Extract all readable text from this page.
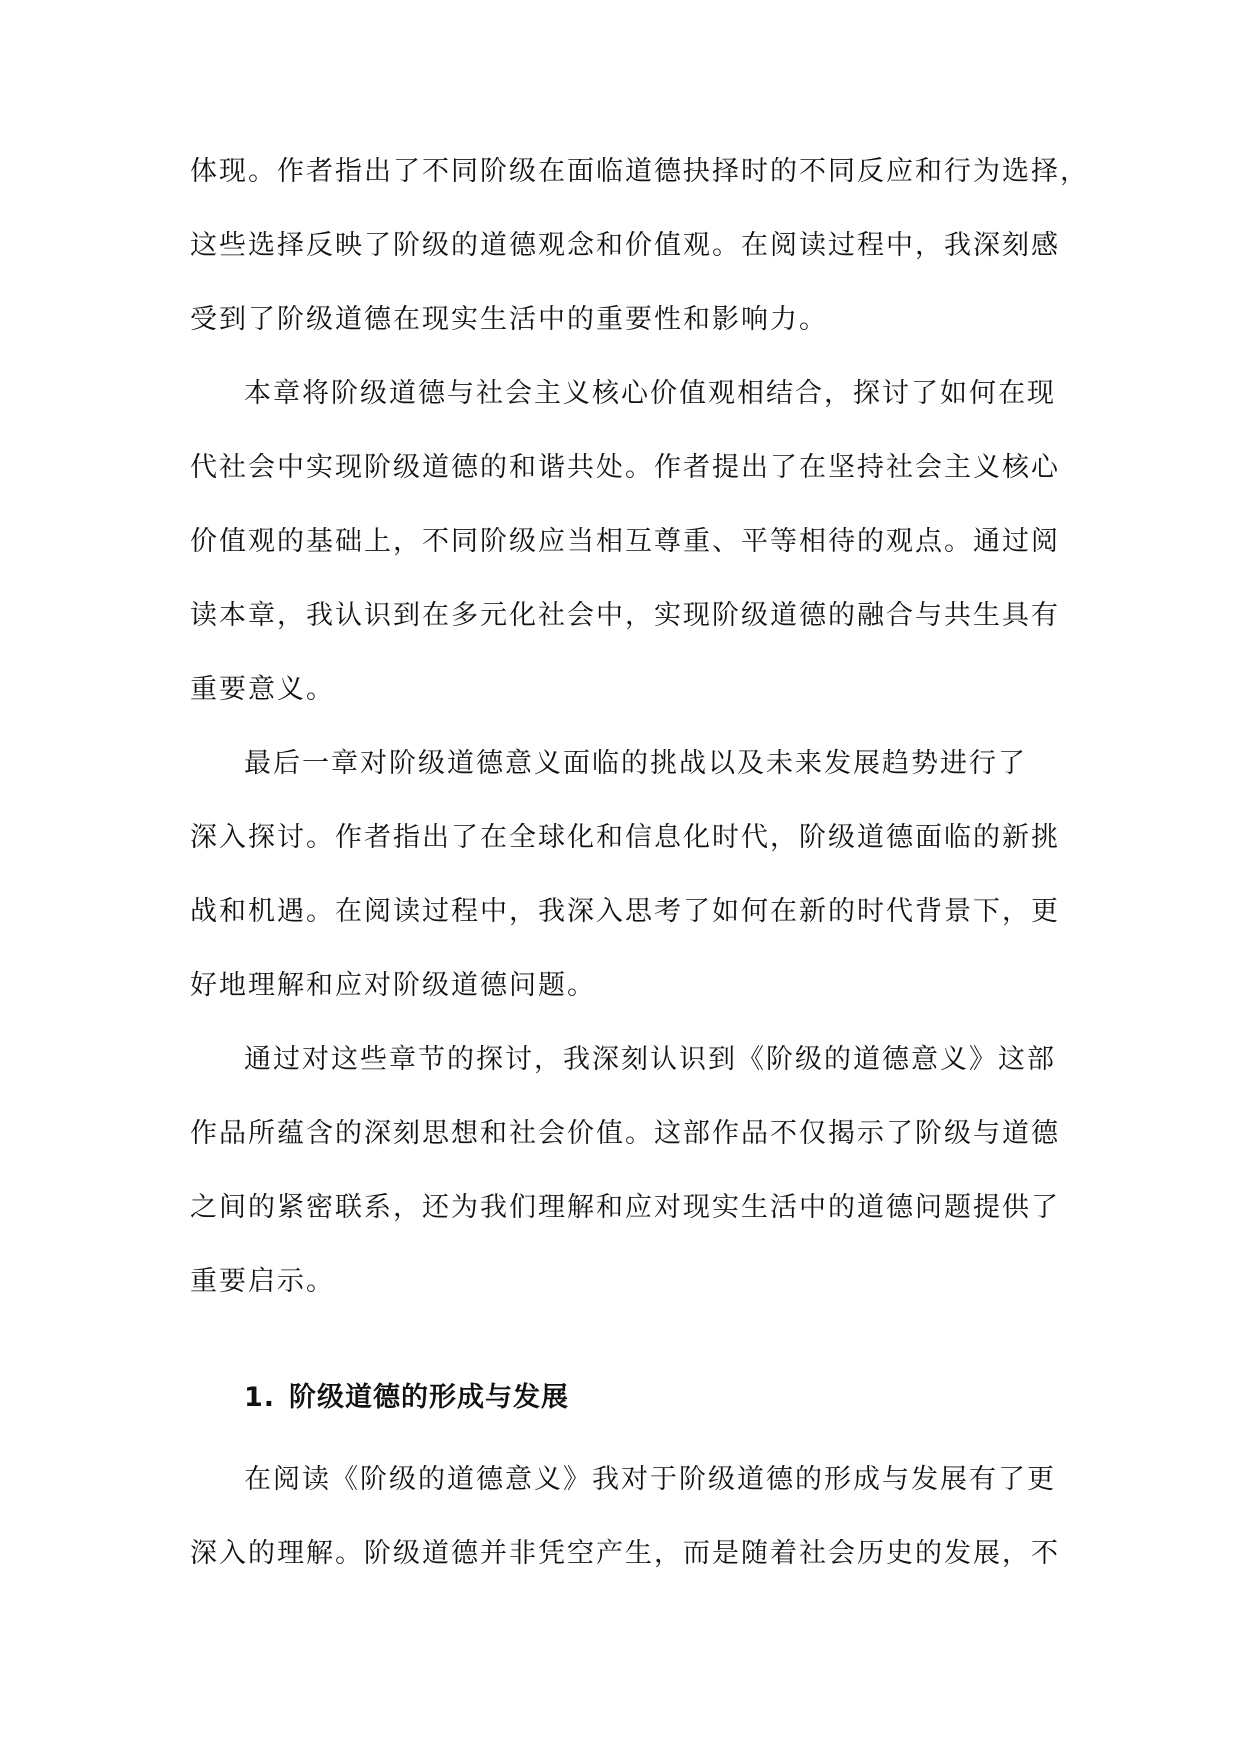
体现。作者指出了不同阶级在面临道德抉择时的不同反应和行为选择，
这些选择反映了阶级的道德观念和价值观。在阅读过程中，我深刻感
受到了阶级道德在现实生活中的重要性和影响力。
本章将阶级道德与社会主义核心价值观相结合，探讨了如何在现
代社会中实现阶级道德的和谐共处。作者提出了在坚持社会主义核心
价值观的基础上，不同阶级应当相互尊重、平等相待的观点。通过阅
读本章，我认识到在多元化社会中，实现阶级道德的融合与共生具有
重要意义。
最后一章对阶级道德意义面临的挑战以及未来发展趋势进行了
深入探讨。作者指出了在全球化和信息化时代，阶级道德面临的新挑
战和机遇。在阅读过程中，我深入思考了如何在新的时代背景下，更
好地理解和应对阶级道德问题。
通过对这些章节的探讨，我深刻认识到《阶级的道德意义》这部
作品所蕴含的深刻思想和社会价值。这部作品不仅揭示了阶级与道德
之间的紧密联系，还为我们理解和应对现实生活中的道德问题提供了
重要启示。
1. 阶级道德的形成与发展
在阅读《阶级的道德意义》我对于阶级道德的形成与发展有了更
深入的理解。阶级道德并非凭空产生，而是随着社会历史的发展，不
